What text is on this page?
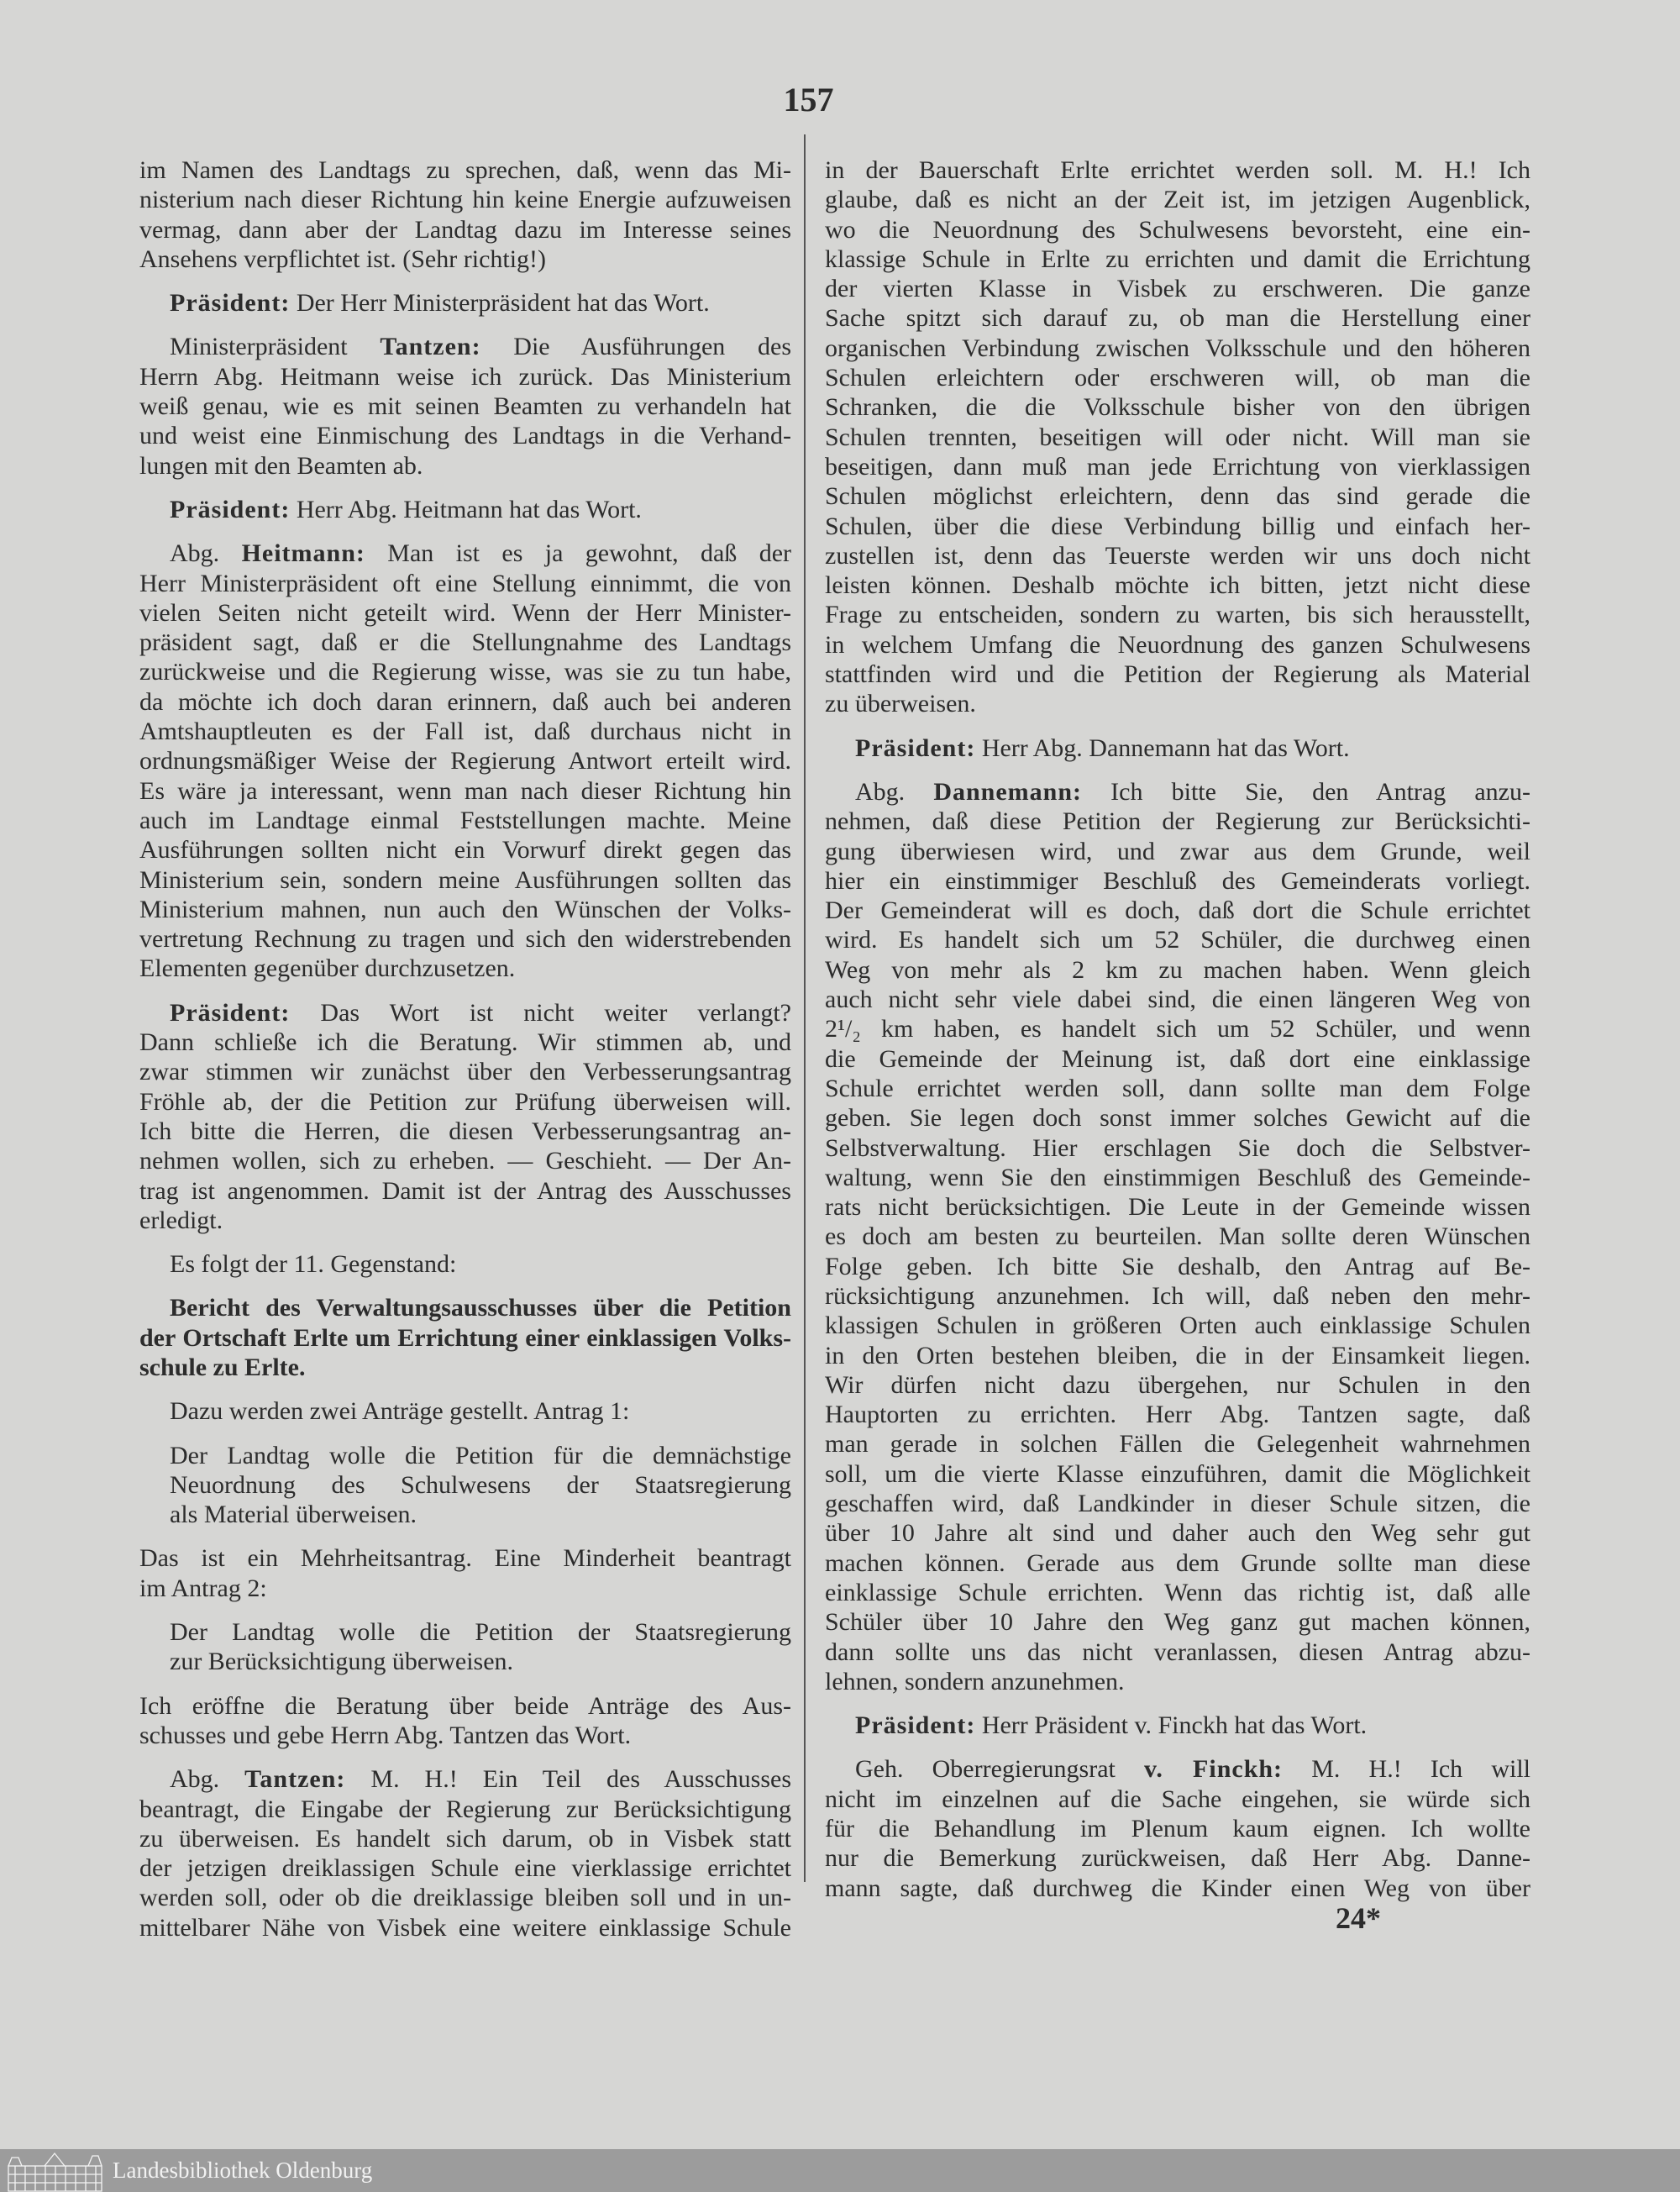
157
im Namen des Landtags zu sprechen, daß, wenn das Mi-
nisterium nach dieser Richtung hin keine Energie aufzuweisen
vermag, dann aber der Landtag dazu im Interesse seines
Ansehens verpflichtet ist. (Sehr richtig!)
Präsident: Der Herr Ministerpräsident hat das Wort.
Ministerpräsident Tantzen: Die Ausführungen des
Herrn Abg. Heitmann weise ich zurück. Das Ministerium
weiß genau, wie es mit seinen Beamten zu verhandeln hat
und weist eine Einmischung des Landtags in die Verhand-
lungen mit den Beamten ab.
Präsident: Herr Abg. Heitmann hat das Wort.
Abg. Heitmann: Man ist es ja gewohnt, daß der
Herr Ministerpräsident oft eine Stellung einnimmt, die von
vielen Seiten nicht geteilt wird. Wenn der Herr Minister-
präsident sagt, daß er die Stellungnahme des Landtags
zurückweise und die Regierung wisse, was sie zu tun habe,
da möchte ich doch daran erinnern, daß auch bei anderen
Amtshauptleuten es der Fall ist, daß durchaus nicht in
ordnungsmäßiger Weise der Regierung Antwort erteilt wird.
Es wäre ja interessant, wenn man nach dieser Richtung hin
auch im Landtage einmal Feststellungen machte. Meine
Ausführungen sollten nicht ein Vorwurf direkt gegen das
Ministerium sein, sondern meine Ausführungen sollten das
Ministerium mahnen, nun auch den Wünschen der Volks-
vertretung Rechnung zu tragen und sich den widerstrebenden
Elementen gegenüber durchzusetzen.
Präsident: Das Wort ist nicht weiter verlangt?
Dann schließe ich die Beratung. Wir stimmen ab, und
zwar stimmen wir zunächst über den Verbesserungsantrag
Fröhle ab, der die Petition zur Prüfung überweisen will.
Ich bitte die Herren, die diesen Verbesserungsantrag an-
nehmen wollen, sich zu erheben. — Geschieht. — Der An-
trag ist angenommen. Damit ist der Antrag des Ausschusses
erledigt.
Es folgt der 11. Gegenstand:
Bericht des Verwaltungsausschusses über die Petition
der Ortschaft Erlte um Errichtung einer einklassigen Volks-
schule zu Erlte.
Dazu werden zwei Anträge gestellt. Antrag 1:
Der Landtag wolle die Petition für die demnächstige
Neuordnung des Schulwesens der Staatsregierung
als Material überweisen.
Das ist ein Mehrheitsantrag. Eine Minderheit beantragt
im Antrag 2:
Der Landtag wolle die Petition der Staatsregierung
zur Berücksichtigung überweisen.
Ich eröffne die Beratung über beide Anträge des Aus-
schusses und gebe Herrn Abg. Tantzen das Wort.
Abg. Tantzen: M. H.! Ein Teil des Ausschusses
beantragt, die Eingabe der Regierung zur Berücksichtigung
zu überweisen. Es handelt sich darum, ob in Visbek statt
der jetzigen dreiklassigen Schule eine vierklassige errichtet
werden soll, oder ob die dreiklassige bleiben soll und in un-
mittelbarer Nähe von Visbek eine weitere einklassige Schule
in der Bauerschaft Erlte errichtet werden soll. M. H.! Ich
glaube, daß es nicht an der Zeit ist, im jetzigen Augenblick,
wo die Neuordnung des Schulwesens bevorsteht, eine ein-
klassige Schule in Erlte zu errichten und damit die Errichtung
der vierten Klasse in Visbek zu erschweren. Die ganze
Sache spitzt sich darauf zu, ob man die Herstellung einer
organischen Verbindung zwischen Volksschule und den höheren
Schulen erleichtern oder erschweren will, ob man die
Schranken, die die Volksschule bisher von den übrigen
Schulen trennten, beseitigen will oder nicht. Will man sie
beseitigen, dann muß man jede Errichtung von vierklassigen
Schulen möglichst erleichtern, denn das sind gerade die
Schulen, über die diese Verbindung billig und einfach her-
zustellen ist, denn das Teuerste werden wir uns doch nicht
leisten können. Deshalb möchte ich bitten, jetzt nicht diese
Frage zu entscheiden, sondern zu warten, bis sich herausstellt,
in welchem Umfang die Neuordnung des ganzen Schulwesens
stattfinden wird und die Petition der Regierung als Material
zu überweisen.
Präsident: Herr Abg. Dannemann hat das Wort.
Abg. Dannemann: Ich bitte Sie, den Antrag anzu-
nehmen, daß diese Petition der Regierung zur Berücksichti-
gung überwiesen wird, und zwar aus dem Grunde, weil
hier ein einstimmiger Beschluß des Gemeinderats vorliegt.
Der Gemeinderat will es doch, daß dort die Schule errichtet
wird. Es handelt sich um 52 Schüler, die durchweg einen
Weg von mehr als 2 km zu machen haben. Wenn gleich
auch nicht sehr viele dabei sind, die einen längeren Weg von
2¹/₂ km haben, es handelt sich um 52 Schüler, und wenn
die Gemeinde der Meinung ist, daß dort eine einklassige
Schule errichtet werden soll, dann sollte man dem Folge
geben. Sie legen doch sonst immer solches Gewicht auf die
Selbstverwaltung. Hier erschlagen Sie doch die Selbstver-
waltung, wenn Sie den einstimmigen Beschluß des Gemeinde-
rats nicht berücksichtigen. Die Leute in der Gemeinde wissen
es doch am besten zu beurteilen. Man sollte deren Wünschen
Folge geben. Ich bitte Sie deshalb, den Antrag auf Be-
rücksichtigung anzunehmen. Ich will, daß neben den mehr-
klassigen Schulen in größeren Orten auch einklassige Schulen
in den Orten bestehen bleiben, die in der Einsamkeit liegen.
Wir dürfen nicht dazu übergehen, nur Schulen in den
Hauptorten zu errichten. Herr Abg. Tantzen sagte, daß
man gerade in solchen Fällen die Gelegenheit wahrnehmen
soll, um die vierte Klasse einzuführen, damit die Möglichkeit
geschaffen wird, daß Landkinder in dieser Schule sitzen, die
über 10 Jahre alt sind und daher auch den Weg sehr gut
machen können. Gerade aus dem Grunde sollte man diese
einklassige Schule errichten. Wenn das richtig ist, daß alle
Schüler über 10 Jahre den Weg ganz gut machen können,
dann sollte uns das nicht veranlassen, diesen Antrag abzu-
lehnen, sondern anzunehmen.
Präsident: Herr Präsident v. Finckh hat das Wort.
Geh. Oberregierungsrat v. Finckh: M. H.! Ich will
nicht im einzelnen auf die Sache eingehen, sie würde sich
für die Behandlung im Plenum kaum eignen. Ich wollte
nur die Bemerkung zurückweisen, daß Herr Abg. Danne-
mann sagte, daß durchweg die Kinder einen Weg von über
24*
Landesbibliothek Oldenburg
